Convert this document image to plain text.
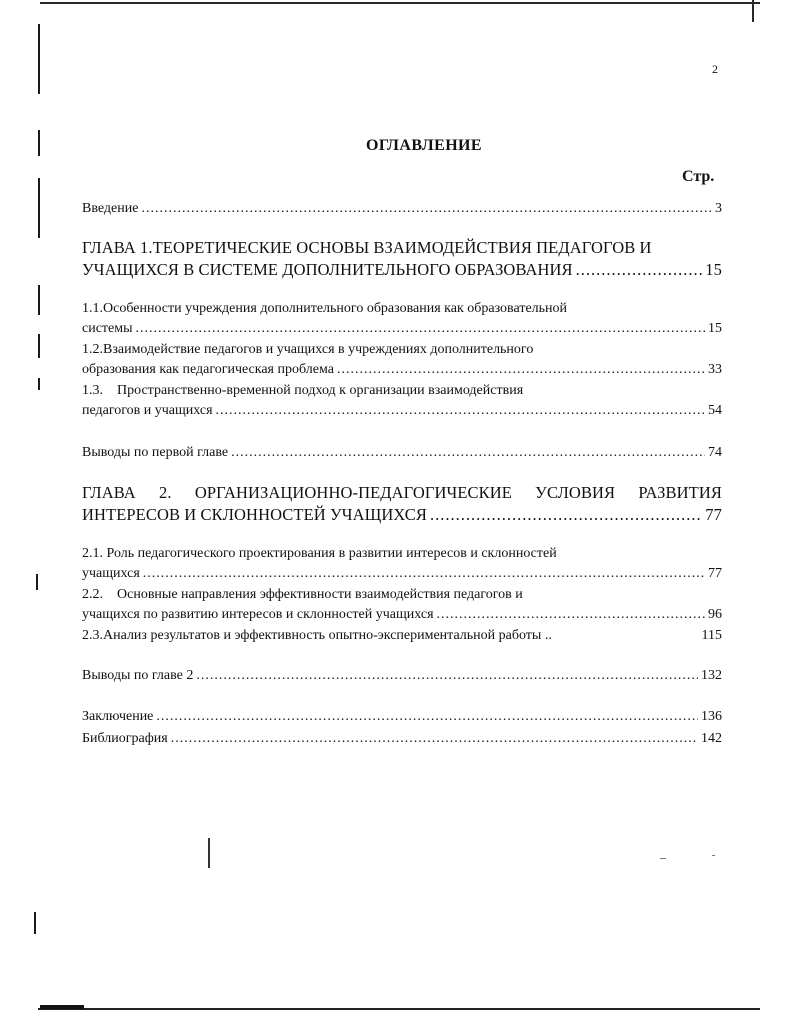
2
ОГЛАВЛЕНИЕ
Стр.
Введение .....	3
ГЛАВА 1.ТЕОРЕТИЧЕСКИЕ ОСНОВЫ ВЗАИМОДЕЙСТВИЯ ПЕДАГОГОВ И
УЧАЩИХСЯ В СИСТЕМЕ ДОПОЛНИТЕЛЬНОГО ОБРАЗОВАНИЯ .....	15
1.1.Особенности учреждения дополнительного образования как образовательной
системы .....	15
1.2.Взаимодействие педагогов и учащихся в учреждениях дополнительного
образования как педагогическая проблема .....	33
1.3.    Пространственно-временной подход к организации взаимодействия
педагогов и учащихся .....	54
Выводы по первой главе .....	74
ГЛАВА 2. ОРГАНИЗАЦИОННО-ПЕДАГОГИЧЕСКИЕ УСЛОВИЯ РАЗВИТИЯ
ИНТЕРЕСОВ И СКЛОННОСТЕЙ УЧАЩИХСЯ .....	77
2.1. Роль педагогического проектирования в развитии интересов и склонностей
учащихся .....	77
2.2.    Основные направления эффективности взаимодействия педагогов и
учащихся по развитию интересов и склонностей учащихся .....	96
2.3.Анализ результатов и эффективность опытно-экспериментальной работы ..	115
Выводы по главе 2 .....	132
Заключение .....	136
Библиография .....	142
